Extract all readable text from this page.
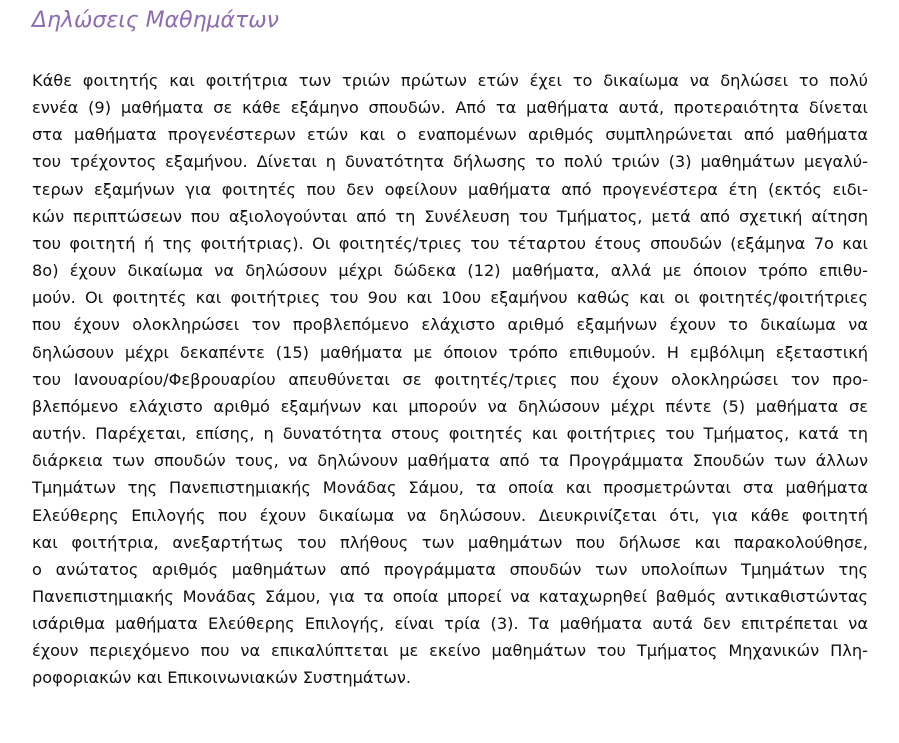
Δηλώσεις Μαθημάτων
Κάθε φοιτητής και φοιτήτρια των τριών πρώτων ετών έχει το δικαίωμα να δηλώσει το πολύ
εννέα (9) μαθήματα σε κάθε εξάμηνο σπουδών. Από τα μαθήματα αυτά, προτεραιότητα δίνεται
στα μαθήματα προγενέστερων ετών και ο εναπομένων αριθμός συμπληρώνεται από μαθήματα
του τρέχοντος εξαμήνου. Δίνεται η δυνατότητα δήλωσης το πολύ τριών (3) μαθημάτων μεγαλύ-
τερων εξαμήνων για φοιτητές που δεν οφείλουν μαθήματα από προγενέστερα έτη (εκτός ειδι-
κών περιπτώσεων που αξιολογούνται από τη Συνέλευση του Τμήματος, μετά από σχετική αίτηση
του φοιτητή ή της φοιτήτριας). Οι φοιτητές/τριες του τέταρτου έτους σπουδών (εξάμηνα 7ο και
8ο) έχουν δικαίωμα να δηλώσουν μέχρι δώδεκα (12) μαθήματα, αλλά με όποιον τρόπο επιθυ-
μούν. Οι φοιτητές και φοιτήτριες του 9ου και 10ου εξαμήνου καθώς και οι φοιτητές/φοιτήτριες
που έχουν ολοκληρώσει τον προβλεπόμενο ελάχιστο αριθμό εξαμήνων έχουν το δικαίωμα να
δηλώσουν μέχρι δεκαπέντε (15) μαθήματα με όποιον τρόπο επιθυμούν. Η εμβόλιμη εξεταστική
του Ιανουαρίου/Φεβρουαρίου απευθύνεται σε φοιτητές/τριες που έχουν ολοκληρώσει τον προ-
βλεπόμενο ελάχιστο αριθμό εξαμήνων και μπορούν να δηλώσουν μέχρι πέντε (5) μαθήματα σε
αυτήν. Παρέχεται, επίσης, η δυνατότητα στους φοιτητές και φοιτήτριες του Τμήματος, κατά τη
διάρκεια των σπουδών τους, να δηλώνουν μαθήματα από τα Προγράμματα Σπουδών των άλλων
Τμημάτων της Πανεπιστημιακής Μονάδας Σάμου, τα οποία και προσμετρώνται στα μαθήματα
Ελεύθερης Επιλογής που έχουν δικαίωμα να δηλώσουν. Διευκρινίζεται ότι, για κάθε φοιτητή
και φοιτήτρια, ανεξαρτήτως του πλήθους των μαθημάτων που δήλωσε και παρακολούθησε,
ο ανώτατος αριθμός μαθημάτων από προγράμματα σπουδών των υπολοίπων Τμημάτων της
Πανεπιστημιακής Μονάδας Σάμου, για τα οποία μπορεί να καταχωρηθεί βαθμός αντικαθιστώντας
ισάριθμα μαθήματα Ελεύθερης Επιλογής, είναι τρία (3). Τα μαθήματα αυτά δεν επιτρέπεται να
έχουν περιεχόμενο που να επικαλύπτεται με εκείνο μαθημάτων του Τμήματος Μηχανικών Πλη-
ροφοριακών και Επικοινωνιακών Συστημάτων.
